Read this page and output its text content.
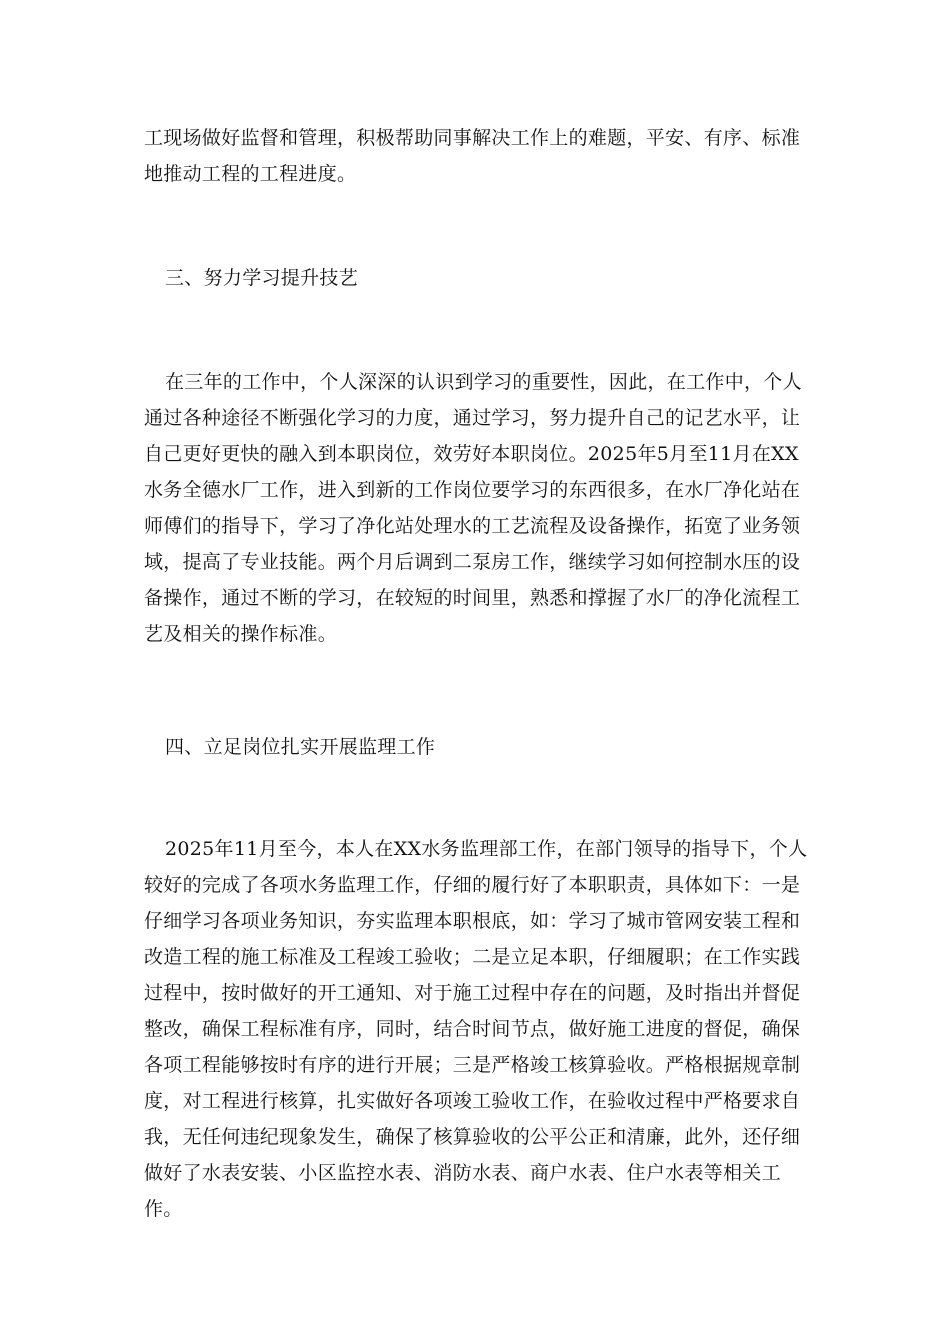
工现场做好监督和管理，积极帮助同事解决工作上的难题，平安、有序、标准地推动工程的工程进度。

三、努力学习提升技艺

在三年的工作中，个人深深的认识到学习的重要性，因此，在工作中，个人通过各种途径不断强化学习的力度，通过学习，努力提升自己的记艺水平，让自己更好更快的融入到本职岗位，效劳好本职岗位。2025年5月至11月在XX水务全德水厂工作，进入到新的工作岗位要学习的东西很多，在水厂净化站在师傅们的指导下，学习了净化站处理水的工艺流程及设备操作，拓宽了业务领域，提高了专业技能。两个月后调到二泵房工作，继续学习如何控制水压的设备操作，通过不断的学习，在较短的时间里，熟悉和撑握了水厂的净化流程工艺及相关的操作标准。

四、立足岗位扎实开展监理工作

2025年11月至今，本人在XX水务监理部工作，在部门领导的指导下，个人较好的完成了各项水务监理工作，仔细的履行好了本职职责，具体如下：一是仔细学习各项业务知识，夯实监理本职根底，如：学习了城市管网安装工程和改造工程的施工标准及工程竣工验收；二是立足本职，仔细履职；在工作实践过程中，按时做好的开工通知、对于施工过程中存在的问题，及时指出并督促整改，确保工程标准有序，同时，结合时间节点，做好施工进度的督促，确保各项工程能够按时有序的进行开展；三是严格竣工核算验收。严格根据规章制度，对工程进行核算，扎实做好各项竣工验收工作，在验收过程中严格要求自我，无任何违纪现象发生，确保了核算验收的公平公正和清廉，此外，还仔细做好了水表安装、小区监控水表、消防水表、商户水表、住户水表等相关工作。
